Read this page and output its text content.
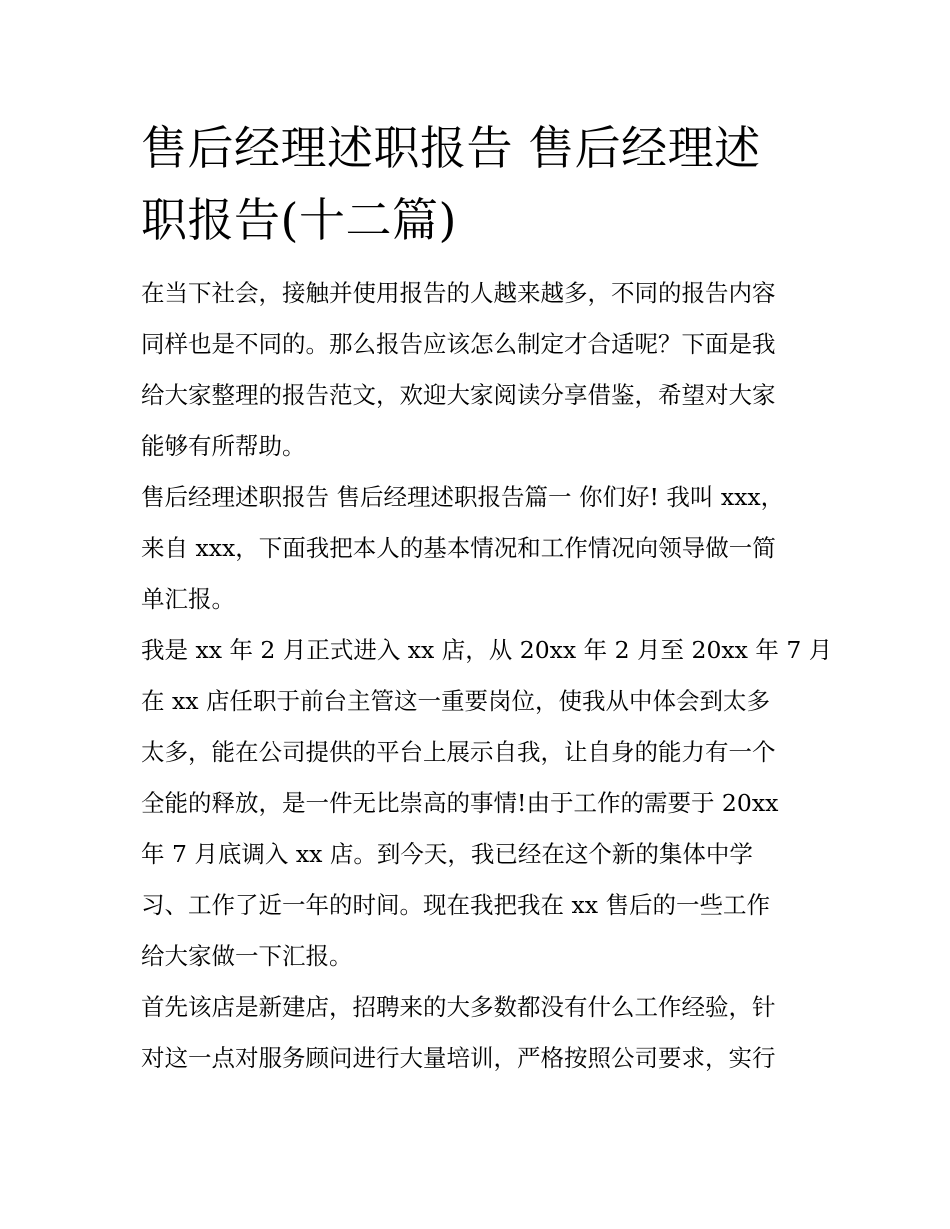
售后经理述职报告 售后经理述
职报告(十二篇)

在当下社会，接触并使用报告的人越来越多，不同的报告内容
同样也是不同的。那么报告应该怎么制定才合适呢？下面是我
给大家整理的报告范文，欢迎大家阅读分享借鉴，希望对大家
能够有所帮助。

售后经理述职报告 售后经理述职报告篇一 你们好! 我叫 xxx，
来自 xxx，下面我把本人的基本情况和工作情况向领导做一简
单汇报。

我是 xx 年 2 月正式进入 xx 店，从 20xx 年 2 月至 20xx 年 7 月
在 xx 店任职于前台主管这一重要岗位，使我从中体会到太多
太多，能在公司提供的平台上展示自我，让自身的能力有一个
全能的释放，是一件无比崇高的事情!由于工作的需要于 20xx
年 7 月底调入 xx 店。到今天，我已经在这个新的集体中学
习、工作了近一年的时间。现在我把我在 xx 售后的一些工作
给大家做一下汇报。

首先该店是新建店，招聘来的大多数都没有什么工作经验，针
对这一点对服务顾问进行大量培训，严格按照公司要求，实行
